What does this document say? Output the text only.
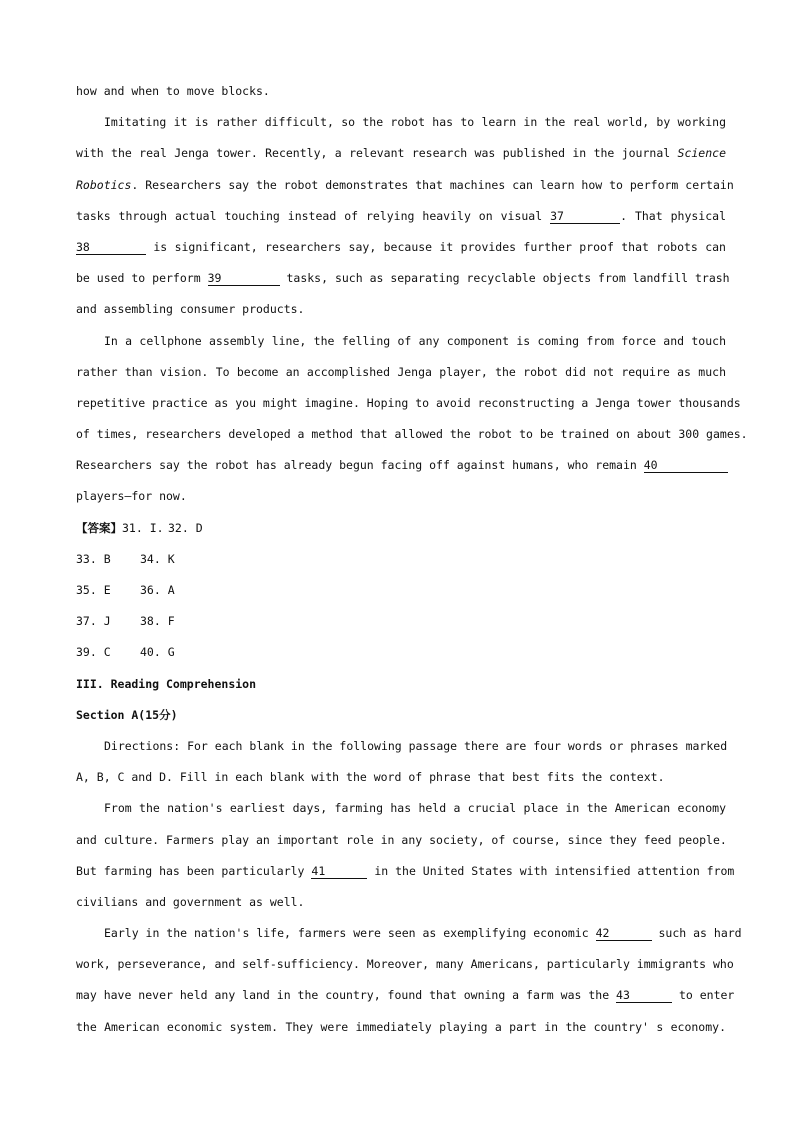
how and when to move blocks.
Imitating it is rather difficult, so the robot has to learn in the real world, by working
with the real Jenga tower. Recently, a relevant research was published in the journal Science
Robotics. Researchers say the robot demonstrates that machines can learn how to perform certain
tasks through actual touching instead of relying heavily on visual 37	. That physical
38	is significant, researchers say, because it provides further proof that robots can
be used to perform 39	tasks, such as separating recyclable objects from landfill trash
and assembling consumer products.
In a cellphone assembly line, the felling of any component is coming from force and touch
rather than vision. To become an accomplished Jenga player, the robot did not require as much
repetitive practice as you might imagine. Hoping to avoid reconstructing a Jenga tower thousands
of times, researchers developed a method that allowed the robot to be trained on about 300 games.
Researchers say the robot has already begun facing off against humans, who remain 40
players—for now.
【答案】31. I. 32. D
33. B	34. K
35. E	36. A
37. J	38. F
39. C	40. G
III. Reading Comprehension
Section A(15分)
Directions: For each blank in the following passage there are four words or phrases marked
A, B, C and D. Fill in each blank with the word of phrase that best fits the context.
From the nation's earliest days, farming has held a crucial place in the American economy
and culture. Farmers play an important role in any society, of course, since they feed people.
But farming has been particularly 41	in the United States with intensified attention from
civilians and government as well.
Early in the nation's life, farmers were seen as exemplifying economic 42	such as hard
work, perseverance, and self-sufficiency. Moreover, many Americans, particularly immigrants who
may have never held any land in the country, found that owning a farm was the 43	to enter
the American economic system. They were immediately playing a part in the country' s economy.
